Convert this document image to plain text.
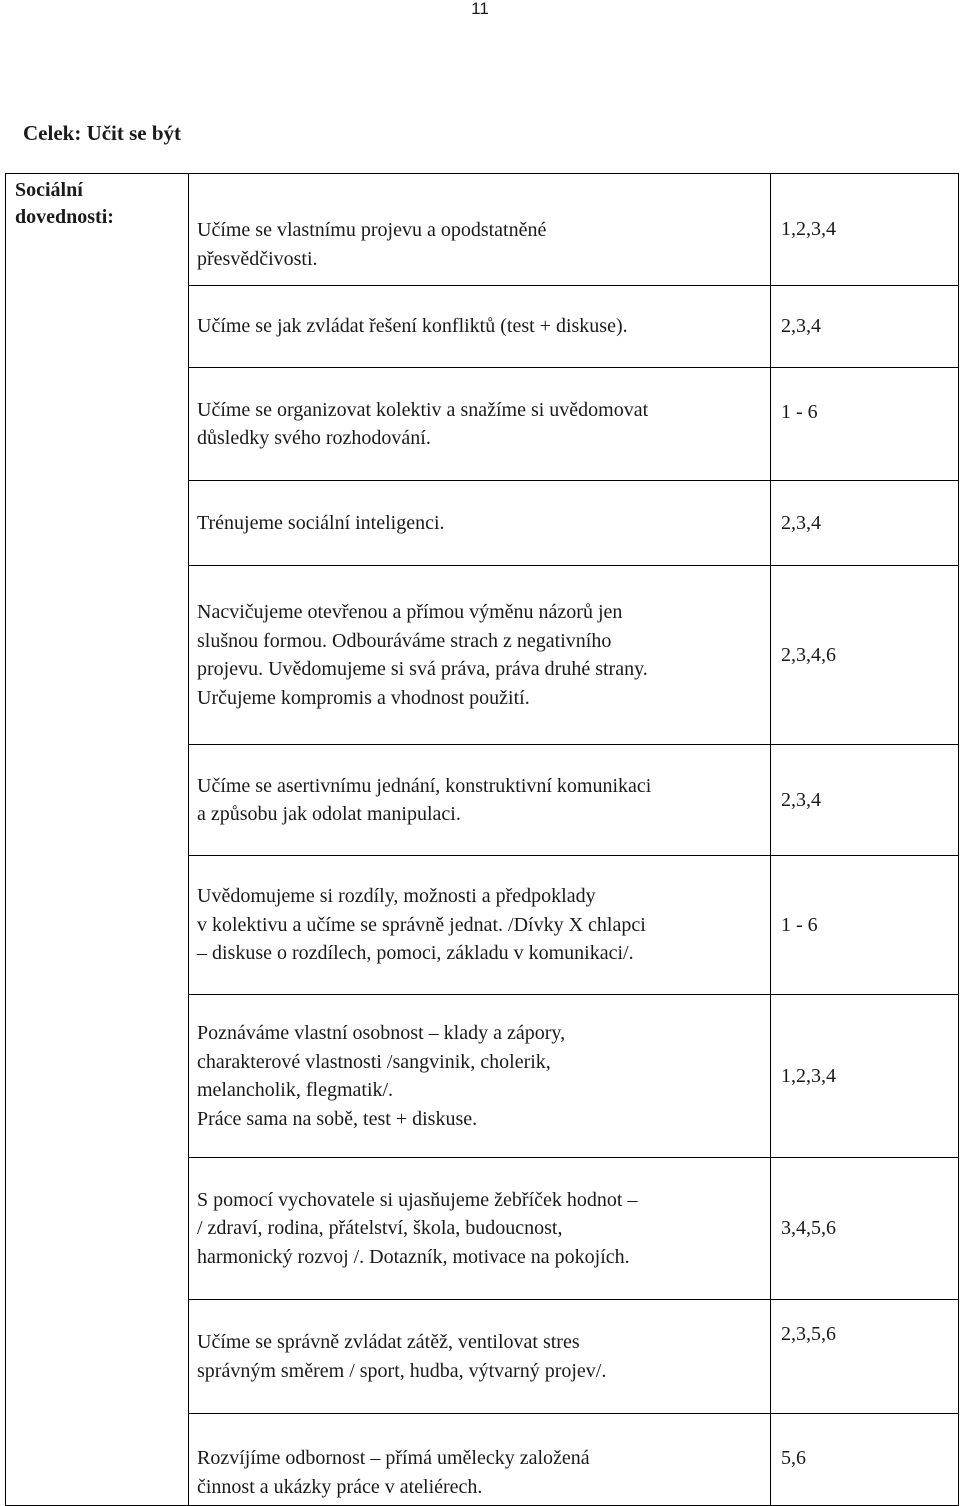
11
Celek: Učit se být
Sociální
dovednosti:	Učíme se vlastnímu projevu a opodstatněné
přesvědčivosti.	1,2,3,4

	Učíme se jak zvládat řešení konfliktů (test + diskuse).	2,3,4

	Učíme se organizovat kolektiv a snažíme si uvědomovat
důsledky svého rozhodování.	1 - 6

	Trénujeme sociální inteligenci.	2,3,4

	Nacvičujeme otevřenou a přímou výměnu názorů jen
slušnou formou. Odbouráváme strach z negativního
projevu. Uvědomujeme si svá práva, práva druhé strany.
Určujeme kompromis a vhodnost použití.	2,3,4,6

	Učíme se asertivnímu jednání, konstruktivní komunikaci
a způsobu jak odolat manipulaci.	2,3,4

	Uvědomujeme si rozdíly, možnosti a předpoklady
v kolektivu a učíme se správně jednat. /Dívky X chlapci
– diskuse o rozdílech, pomoci, základu v komunikaci/.	1 - 6

	Poznáváme vlastní osobnost – klady a zápory,
charakterové vlastnosti /sangvinik, cholerik,
melancholik, flegmatik/.
Práce sama na sobě, test + diskuse.	1,2,3,4

	S pomocí vychovatele si ujasňujeme žebříček hodnot –
/ zdraví, rodina, přátelství, škola, budoucnost,
harmonický rozvoj /. Dotazník, motivace na pokojích.	3,4,5,6

	Učíme se správně zvládat zátěž, ventilovat stres
správným směrem / sport, hudba, výtvarný projev/.	2,3,5,6

	Rozvíjíme odbornost – přímá umělecky založená
činnost a ukázky práce v ateliérech.	5,6
